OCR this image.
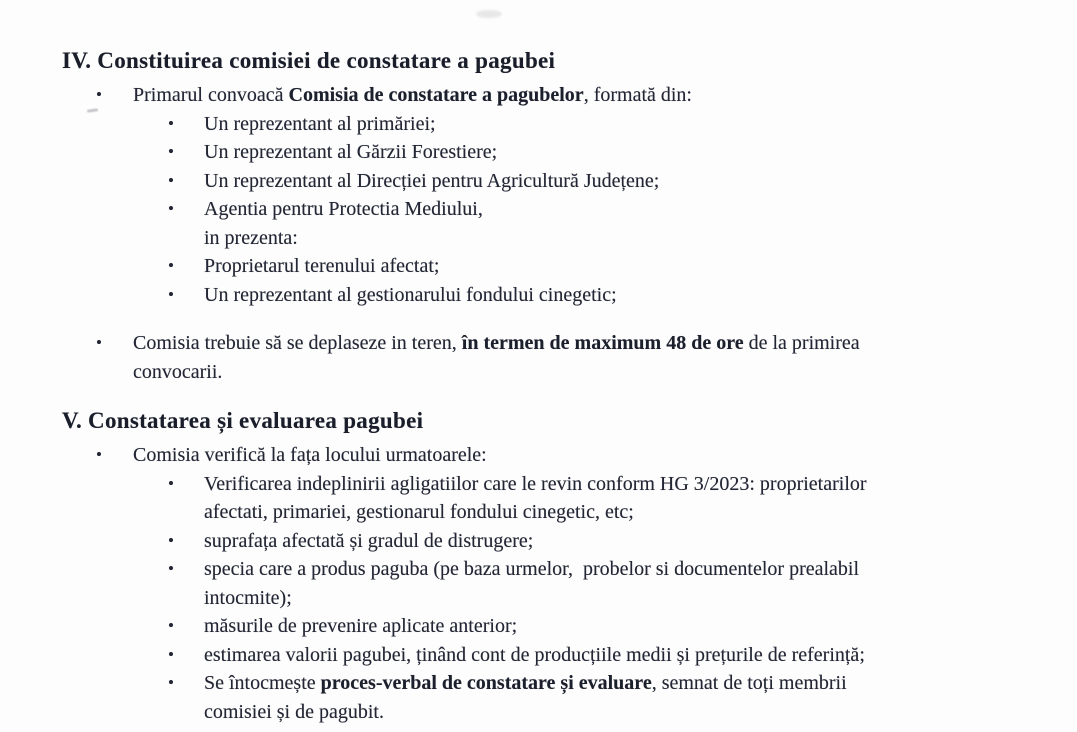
IV. Constituirea comisiei de constatare a pagubei
• Primarul convoacă Comisia de constatare a pagubelor, formată din:
• Un reprezentant al primăriei;
• Un reprezentant al Gărzii Forestiere;
• Un reprezentant al Direcției pentru Agricultură Județene;
• Agentia pentru Protectia Mediului,
in prezenta:
• Proprietarul terenului afectat;
• Un reprezentant al gestionarului fondului cinegetic;
• Comisia trebuie să se deplaseze in teren, în termen de maximum 48 de ore de la primirea
convocarii.
V. Constatarea și evaluarea pagubei
• Comisia verifică la fața locului urmatoarele:
• Verificarea indeplinirii agligatiilor care le revin conform HG 3/2023: proprietarilor
afectati, primariei, gestionarul fondului cinegetic, etc;
• suprafața afectată și gradul de distrugere;
• specia care a produs paguba (pe baza urmelor,  probelor si documentelor prealabil
intocmite);
• măsurile de prevenire aplicate anterior;
• estimarea valorii pagubei, ținând cont de producțiile medii și prețurile de referință;
• Se întocmește proces-verbal de constatare și evaluare, semnat de toți membrii
comisiei și de pagubit.
